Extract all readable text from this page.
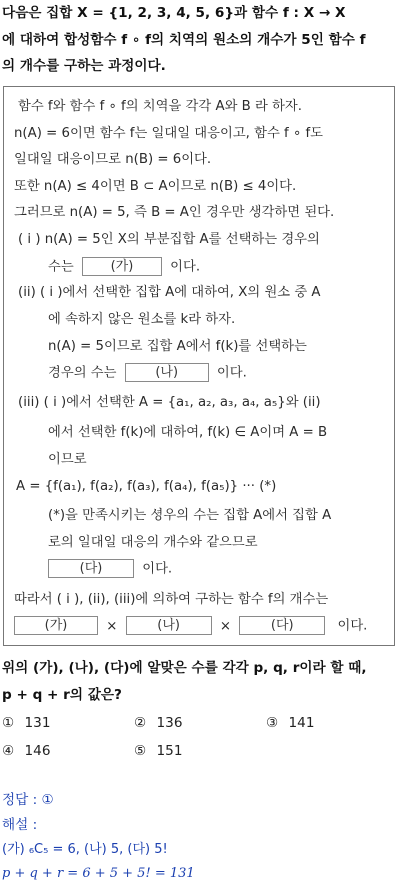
다음은 집합 X = {1, 2, 3, 4, 5, 6}과 함수 f : X → X
에 대하여 합성함수 f ∘ f의 치역의 원소의 개수가 5인 함수 f
의 개수를 구하는 과정이다.
함수 f와 함수 f ∘ f의 치역을 각각 A와 B 라 하자.
n(A) = 6이면 함수 f는 일대일 대응이고, 함수 f ∘ f도
일대일 대응이므로 n(B) = 6이다.
또한 n(A) ≤ 4이면 B ⊂ A이므로 n(B) ≤ 4이다.
그러므로 n(A) = 5, 즉 B = A인 경우만 생각하면 된다.
( i ) n(A) = 5인 X의 부분집합 A를 선택하는 경우의
수는	(가)	이다.
(ii) ( i )에서 선택한 집합 A에 대하여, X의 원소 중 A
에 속하지 않은 원소를 k라 하자.
n(A) = 5이므로 집합 A에서 f(k)를 선택하는
경우의 수는	(나)	이다.
(iii) ( i )에서 선택한 A = {a₁, a₂, a₃, a₄, a₅}와 (ii)
에서 선택한 f(k)에 대하여, f(k) ∈ A이며 A = B
이므로
A = {f(a₁), f(a₂), f(a₃), f(a₄), f(a₅)} ··· (*)
(*)을 만족시키는 셩우의 수는 집합 A에서 집합 A
로의 일대일 대응의 개수와 같으므로
(다)	이다.
따라서 ( i ), (ii), (iii)에 의하여 구하는 함수 f의 개수는
(가)	×	(나)	×	(다)	이다.
위의 (가), (나), (다)에 알맞은 수를 각각 p, q, r이라 할 때,
p + q + r의 값은?
① 131	② 136	③ 141
④ 146	⑤ 151
정답 : ①
해설 :
(가) ₆C₅ = 6, (나) 5, (다) 5!
p + q + r = 6 + 5 + 5! = 131
